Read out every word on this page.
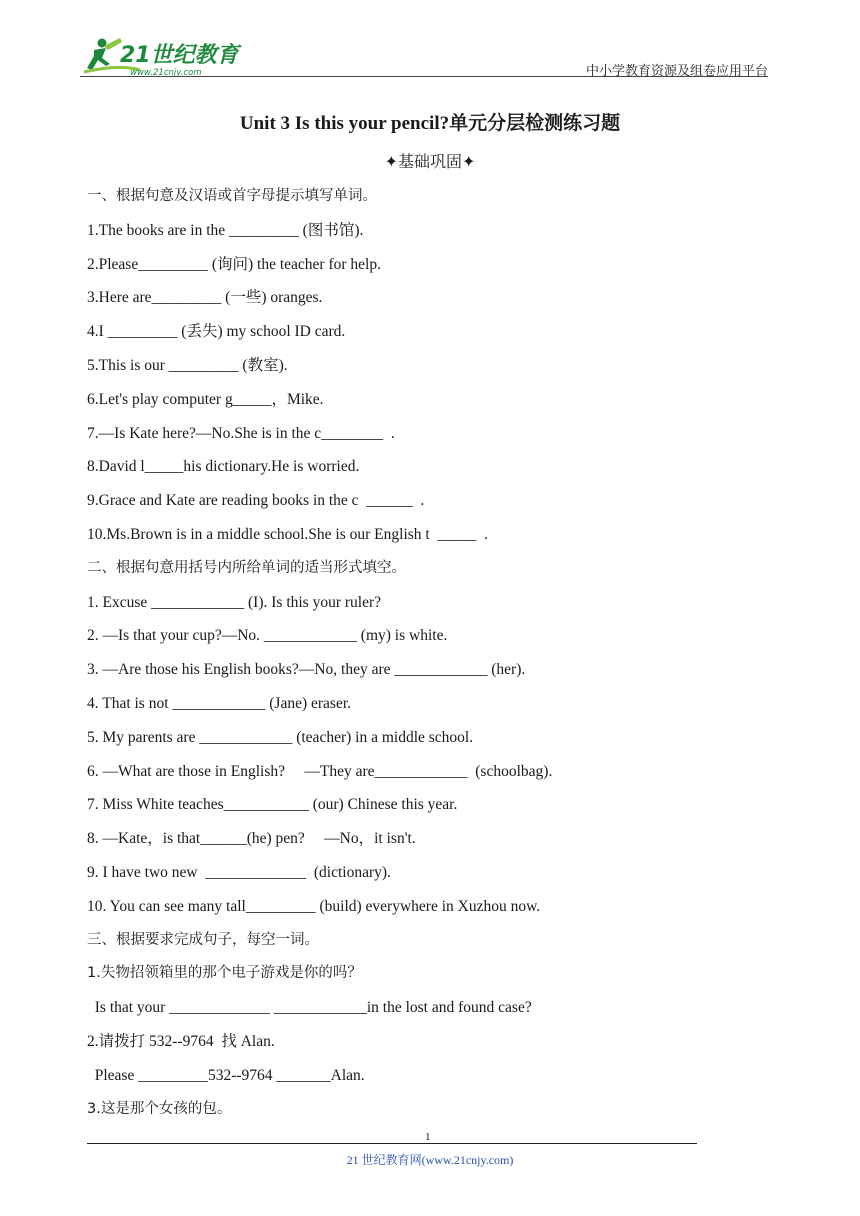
21世纪教育
www.21cnjy.com	中小学教育资源及组卷应用平台
Unit 3 Is this your pencil?单元分层检测练习题
✦基础巩固✦
一、根据句意及汉语或首字母提示填写单词。
1.The books are in the _________ (图书馆).
2.Please_________ (询问) the teacher for help.
3.Here are_________ (一些) oranges.
4.I _________ (丢失) my school ID card.
5.This is our _________ (教室).
6.Let's play computer g_____，Mike.
7.—Is Kate here?—No.She is in the c________  .
8.David l_____his dictionary.He is worried.
9.Grace and Kate are reading books in the c  ______  .
10.Ms.Brown is in a middle school.She is our English t  _____  .
二、根据句意用括号内所给单词的适当形式填空。
1. Excuse ____________ (I). Is this your ruler?
2. —Is that your cup?—No. ____________ (my) is white.
3. —Are those his English books?—No, they are ____________ (her).
4. That is not ____________ (Jane) eraser.
5. My parents are ____________ (teacher) in a middle school.
6. —What are those in English?     —They are____________  (schoolbag).
7. Miss White teaches___________ (our) Chinese this year.
8. —Kate，is that______(he) pen?     —No，it isn't.
9. I have two new  _____________  (dictionary).
10. You can see many tall_________ (build) everywhere in Xuzhou now.
三、根据要求完成句子，每空一词。
1.失物招领箱里的那个电子游戏是你的吗？
Is that your _____________ ____________in the lost and found case?
2.请拨打 532--9764  找 Alan.
Please _________532--9764 _______Alan.
3.这是那个女孩的包。
1
21 世纪教育网(www.21cnjy.com)
